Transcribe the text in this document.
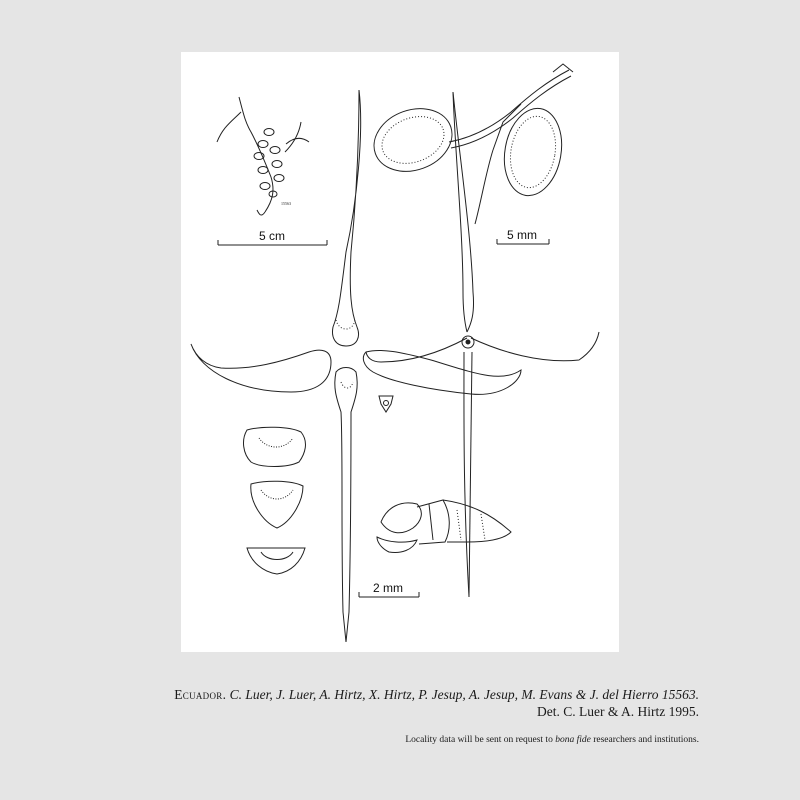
15563
5 cm	5 mm
2 mm
Ecuador. C. Luer, J. Luer, A. Hirtz, X. Hirtz, P. Jesup, A. Jesup, M. Evans & J. del Hierro 15563.
Det. C. Luer & A. Hirtz 1995.
Locality data will be sent on request to bona fide researchers and institutions.
